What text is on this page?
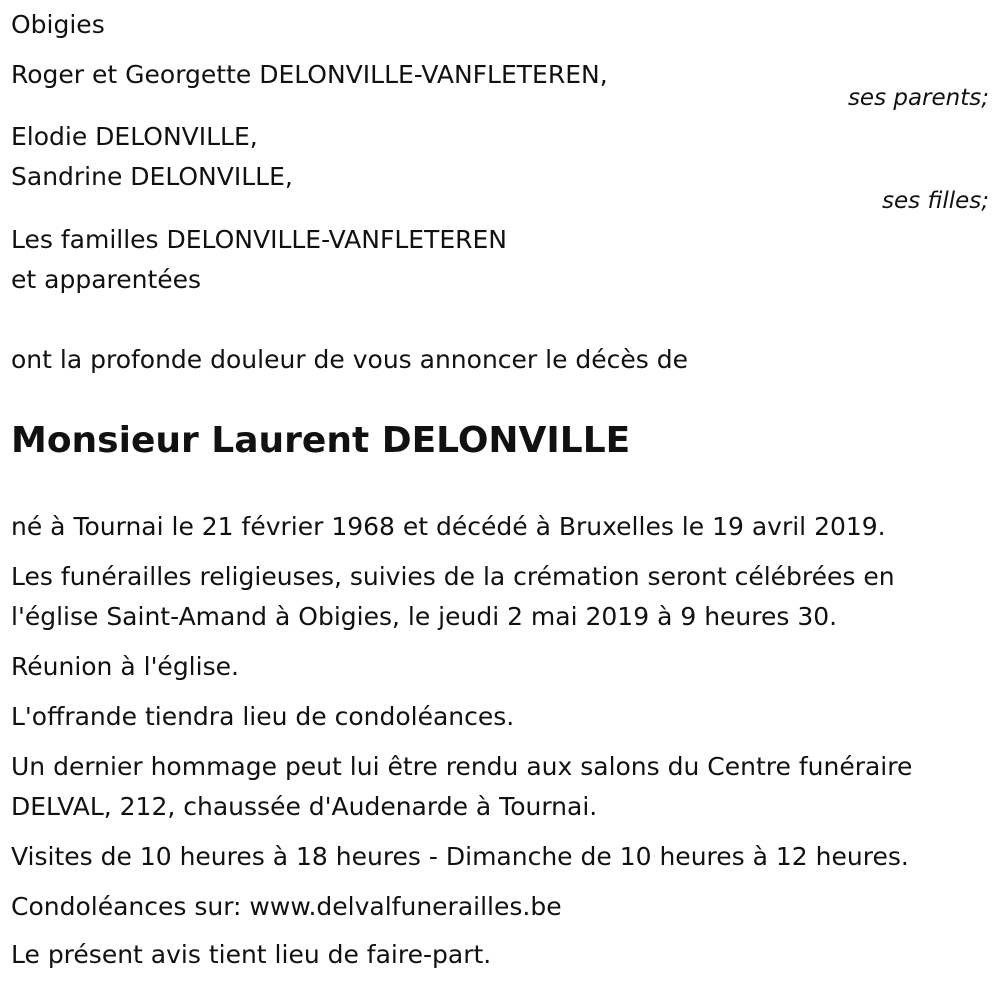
Obigies
Roger et Georgette DELONVILLE-VANFLETEREN,
ses parents;
Elodie DELONVILLE,
Sandrine DELONVILLE,
ses filles;
Les familles DELONVILLE-VANFLETEREN
et apparentées
ont la profonde douleur de vous annoncer le décès de
Monsieur Laurent DELONVILLE
né à Tournai le 21 février 1968 et décédé à Bruxelles le 19 avril 2019.
Les funérailles religieuses, suivies de la crémation seront célébrées en
l'église Saint-Amand à Obigies, le jeudi 2 mai 2019 à 9 heures 30.
Réunion à l'église.
L'offrande tiendra lieu de condoléances.
Un dernier hommage peut lui être rendu aux salons du Centre funéraire
DELVAL, 212, chaussée d'Audenarde à Tournai.
Visites de 10 heures à 18 heures - Dimanche de 10 heures à 12 heures.
Condoléances sur: www.delvalfunerailles.be
Le présent avis tient lieu de faire-part.
